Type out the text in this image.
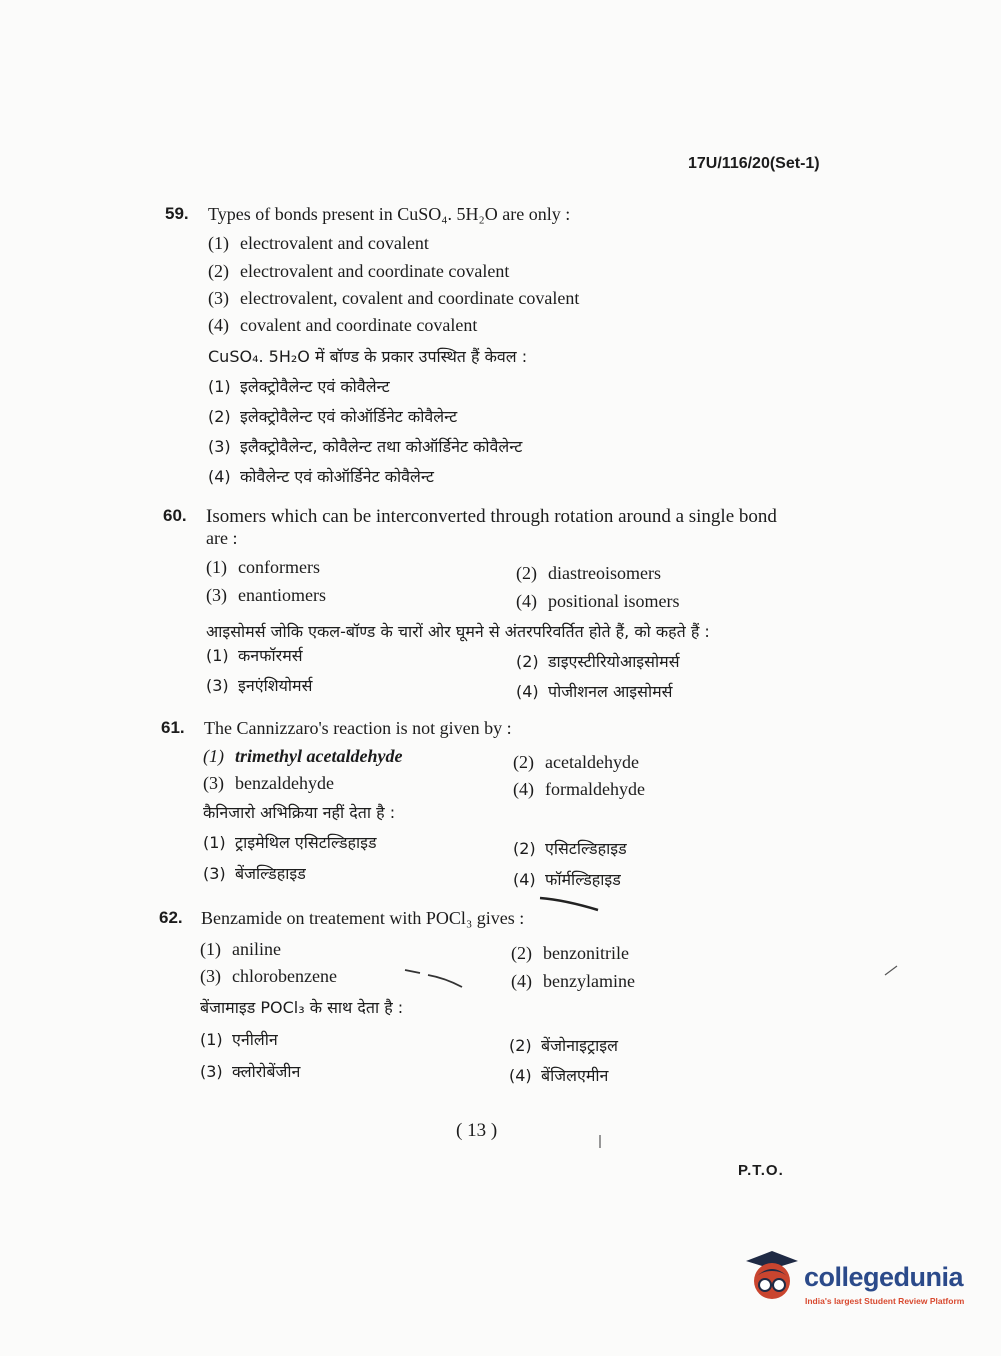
17U/116/20(Set-1)
59. Types of bonds present in CuSO₄. 5H₂O are only :
(1) electrovalent and covalent
(2) electrovalent and coordinate covalent
(3) electrovalent, covalent and coordinate covalent
(4) covalent and coordinate covalent
CuSO₄. 5H₂O में बॉण्ड के प्रकार उपस्थित हैं केवल :
(1) इलेक्ट्रोवैलेन्ट एवं कोवैलेन्ट
(2) इलेक्ट्रोवैलेन्ट एवं कोऑर्डिनेट कोवैलेन्ट
(3) इलैक्ट्रोवैलेन्ट, कोवैलेन्ट तथा कोऑर्डिनेट कोवैलेन्ट
(4) कोवैलेन्ट एवं कोऑर्डिनेट कोवैलेन्ट
60. Isomers which can be interconverted through rotation around a single bond
are :
(1) conformers	(2) diastreoisomers
(3) enantiomers	(4) positional isomers
आइसोमर्स जोकि एकल-बॉण्ड के चारों ओर घूमने से अंतरपरिवर्तित होते हैं, को कहते हैं :
(1) कनफॉरमर्स	(2) डाइएस्टीरियोआइसोमर्स
(3) इनएंशियोमर्स	(4) पोजीशनल आइसोमर्स
61. The Cannizzaro's reaction is not given by :
(1) trimethyl acetaldehyde	(2) acetaldehyde
(3) benzaldehyde	(4) formaldehyde
कैनिजारो अभिक्रिया नहीं देता है :
(1) ट्राइमेथिल एसिटल्डिहाइड	(2) एसिटल्डिहाइड
(3) बेंजल्डिहाइड	(4) फॉर्मल्डिहाइड
62. Benzamide on treatement with POCl₃ gives :
(1) aniline	(2) benzonitrile
(3) chlorobenzene	(4) benzylamine
बेंजामाइड POCl₃ के साथ देता है :
(1) एनीलीन	(2) बेंजोनाइट्राइल
(3) क्लोरोबेंजीन	(4) बेंजिलएमीन
( 13 )
P.T.O.
collegedunia
India's largest Student Review Platform
